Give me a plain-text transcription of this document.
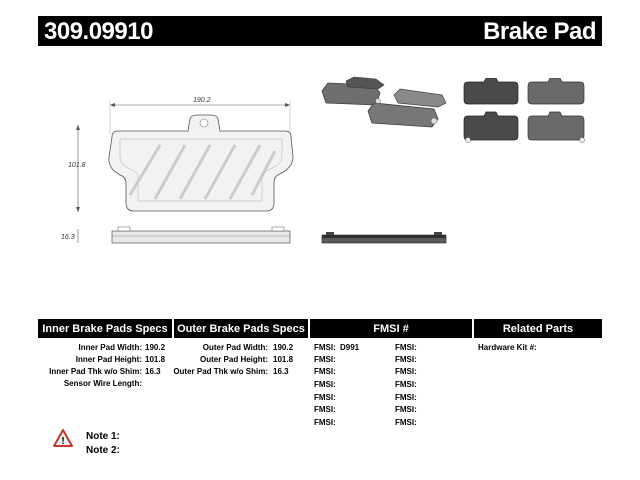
309.09910	Brake Pad
190.2
101.8
16.3
Inner Brake Pads Specs Outer Brake Pads Specs	FMSI #	Related Parts
Inner Pad Width: 190.2
Inner Pad Height: 101.8
Inner Pad Thk w/o Shim: 16.3
Sensor Wire Length:
Outer Pad Width: 190.2
Outer Pad Height: 101.8
Outer Pad Thk w/o Shim: 16.3
FMSI: D991
FMSI:
FMSI:
FMSI:
FMSI:
FMSI:
FMSI:
FMSI:
FMSI:
FMSI:
FMSI:
FMSI:
FMSI:
FMSI:
Hardware Kit #:
! Note 1:
Note 2:
